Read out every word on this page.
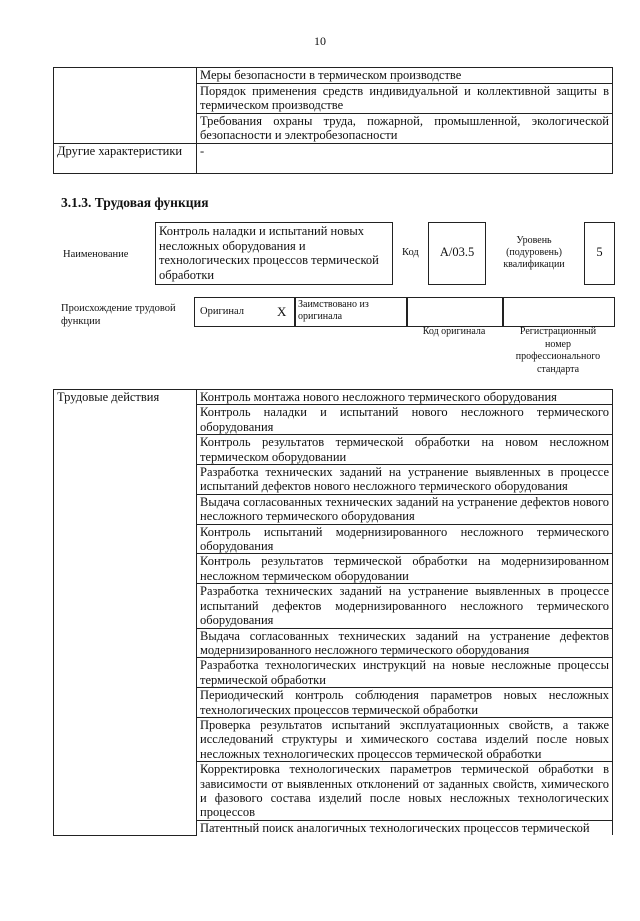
10
	Меры безопасности в термическом производстве
	Порядок применения средств индивидуальной и коллективной защиты в термическом производстве
	Требования охраны труда, пожарной, промышленной, экологической безопасности и электробезопасности
Другие характеристики	-
3.1.3. Трудовая функция
Наименование
Контроль наладки и испытаний новых несложных оборудования и технологических процессов термической обработки
Код	A/03.5
Уровень (подуровень) квалификации
5
Происхождение трудовой функции
Оригинал	X	Заимствовано из оригинала
Код оригинала	Регистрационный номер профессионального стандарта
Трудовые действия	Контроль монтажа нового несложного термического оборудования
Контроль наладки и испытаний нового несложного термического оборудования
Контроль результатов термической обработки на новом несложном термическом оборудовании
Разработка технических заданий на устранение выявленных в процессе испытаний дефектов нового несложного термического оборудования
Выдача согласованных технических заданий на устранение дефектов нового несложного термического оборудования
Контроль испытаний модернизированного несложного термического оборудования
Контроль результатов термической обработки на модернизированном несложном термическом оборудовании
Разработка технических заданий на устранение выявленных в процессе испытаний дефектов модернизированного несложного термического оборудования
Выдача согласованных технических заданий на устранение дефектов модернизированного несложного термического оборудования
Разработка технологических инструкций на новые несложные процессы термической обработки
Периодический контроль соблюдения параметров новых несложных технологических процессов термической обработки
Проверка результатов испытаний эксплуатационных свойств, а также исследований структуры и химического состава изделий после новых несложных технологических процессов термической обработки
Корректировка технологических параметров термической обработки в зависимости от выявленных отклонений от заданных свойств, химического и фазового состава изделий после новых несложных технологических процессов
Патентный поиск аналогичных технологических процессов термической
